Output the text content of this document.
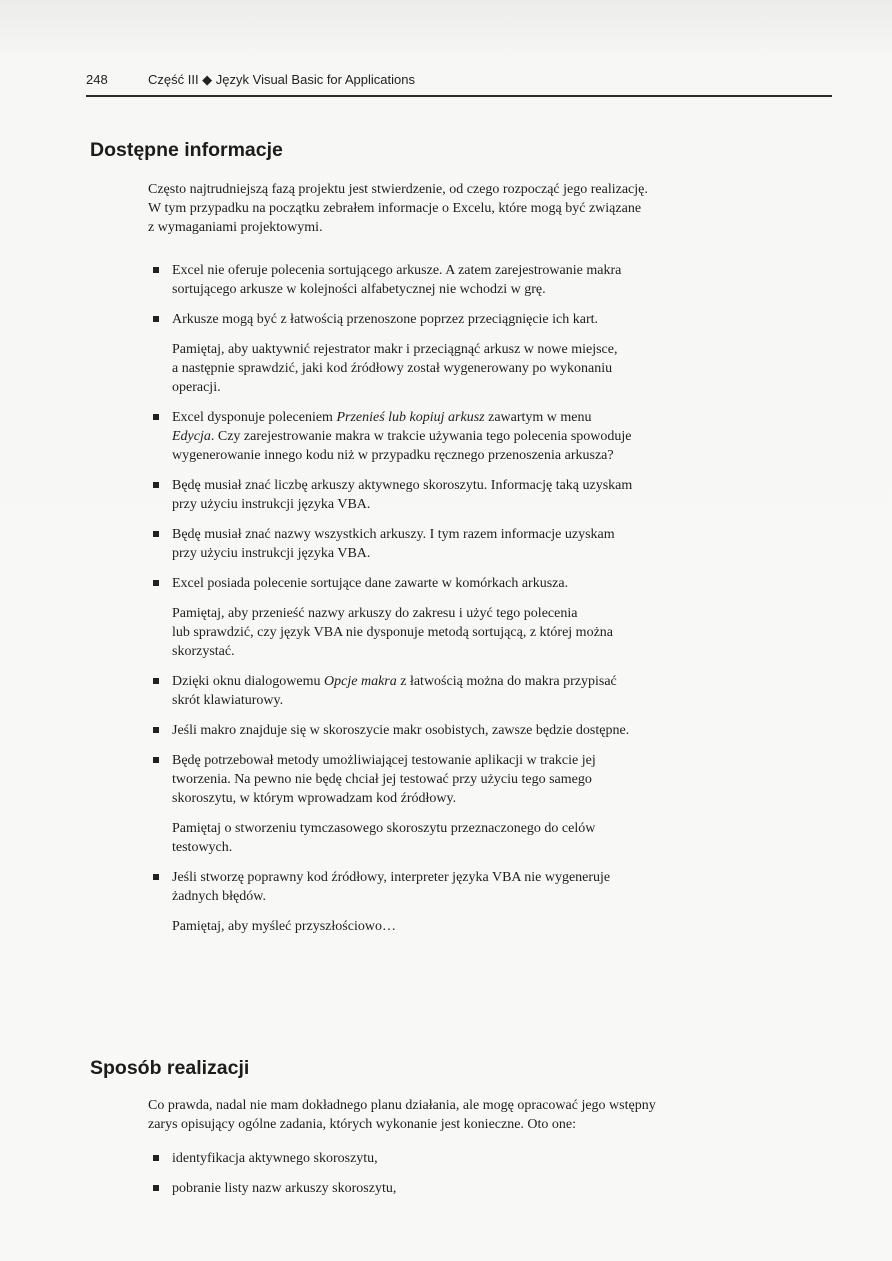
248	Część III ◆ Język Visual Basic for Applications
Dostępne informacje
Często najtrudniejszą fazą projektu jest stwierdzenie, od czego rozpocząć jego realizację.
W tym przypadku na początku zebrałem informacje o Excelu, które mogą być związane
z wymaganiami projektowymi.
Excel nie oferuje polecenia sortującego arkusze. A zatem zarejestrowanie makra
sortującego arkusze w kolejności alfabetycznej nie wchodzi w grę.
Arkusze mogą być z łatwością przenoszone poprzez przeciągnięcie ich kart.
Pamiętaj, aby uaktywnić rejestrator makr i przeciągnąć arkusz w nowe miejsce,
a następnie sprawdzić, jaki kod źródłowy został wygenerowany po wykonaniu
operacji.
Excel dysponuje poleceniem Przenieś lub kopiuj arkusz zawartym w menu
Edycja. Czy zarejestrowanie makra w trakcie używania tego polecenia spowoduje
wygenerowanie innego kodu niż w przypadku ręcznego przenoszenia arkusza?
Będę musiał znać liczbę arkuszy aktywnego skoroszytu. Informację taką uzyskam
przy użyciu instrukcji języka VBA.
Będę musiał znać nazwy wszystkich arkuszy. I tym razem informacje uzyskam
przy użyciu instrukcji języka VBA.
Excel posiada polecenie sortujące dane zawarte w komórkach arkusza.
Pamiętaj, aby przenieść nazwy arkuszy do zakresu i użyć tego polecenia
lub sprawdzić, czy język VBA nie dysponuje metodą sortującą, z której można
skorzystać.
Dzięki oknu dialogowemu Opcje makra z łatwością można do makra przypisać
skrót klawiaturowy.
Jeśli makro znajduje się w skoroszycie makr osobistych, zawsze będzie dostępne.
Będę potrzebował metody umożliwiającej testowanie aplikacji w trakcie jej
tworzenia. Na pewno nie będę chciał jej testować przy użyciu tego samego
skoroszytu, w którym wprowadzam kod źródłowy.
Pamiętaj o stworzeniu tymczasowego skoroszytu przeznaczonego do celów
testowych.
Jeśli stworzę poprawny kod źródłowy, interpreter języka VBA nie wygeneruje
żadnych błędów.
Pamiętaj, aby myśleć przyszłościowo…
Sposób realizacji
Co prawda, nadal nie mam dokładnego planu działania, ale mogę opracować jego wstępny
zarys opisujący ogólne zadania, których wykonanie jest konieczne. Oto one:
identyfikacja aktywnego skoroszytu,
pobranie listy nazw arkuszy skoroszytu,
